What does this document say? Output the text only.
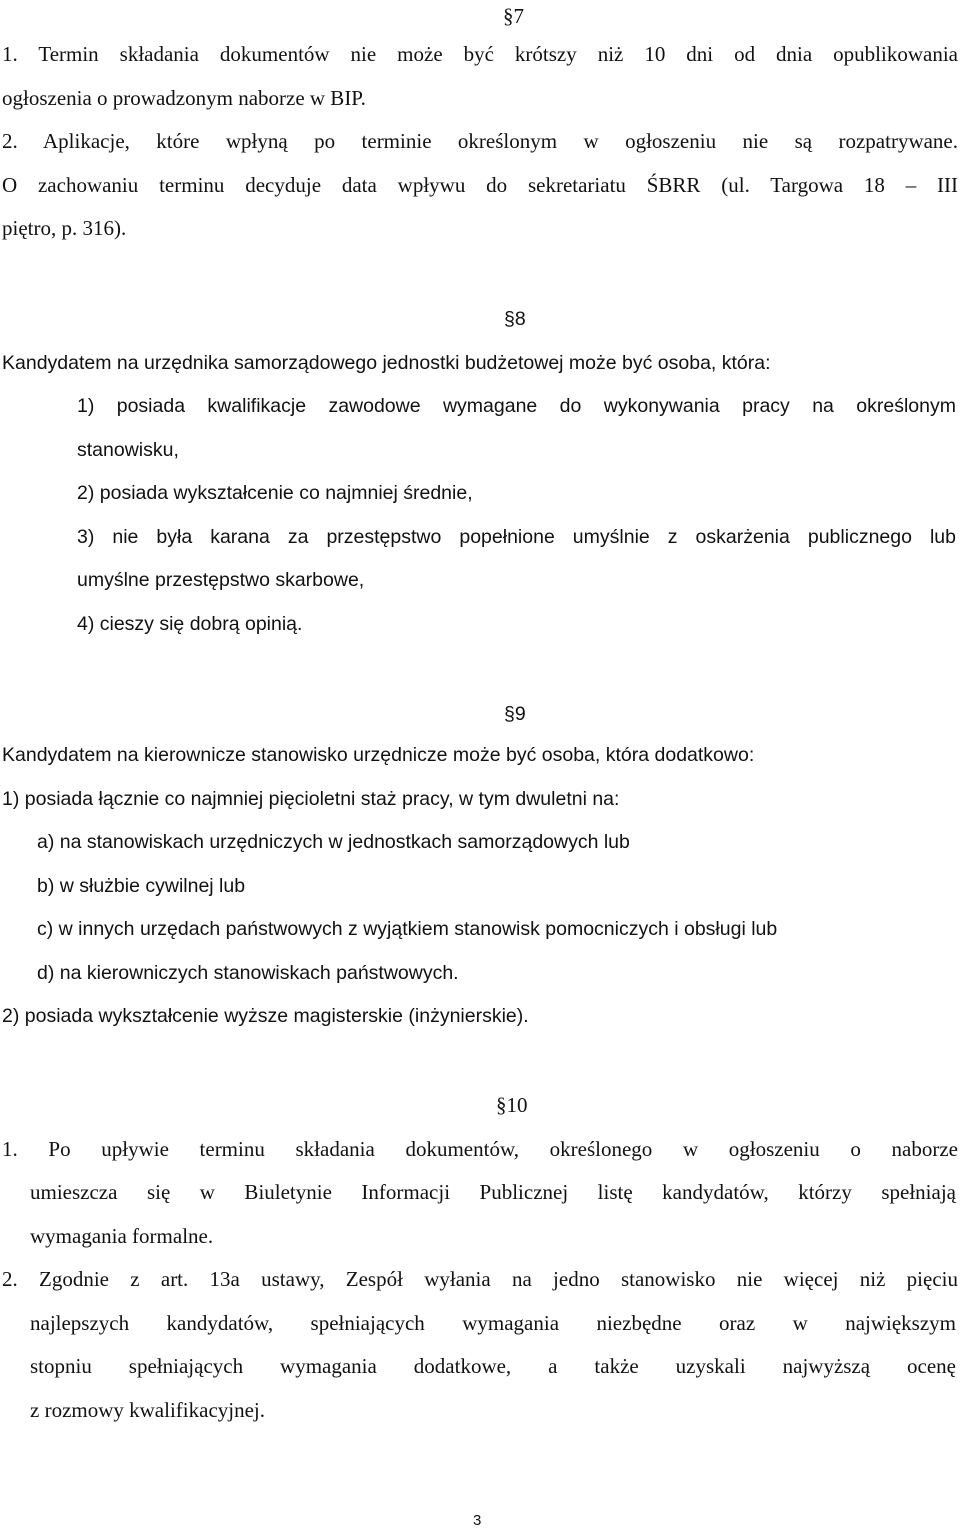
§7
1. Termin składania dokumentów nie może być krótszy niż 10 dni od dnia opublikowania
ogłoszenia o prowadzonym naborze w BIP.
2. Aplikacje, które wpłyną po terminie określonym w ogłoszeniu nie są rozpatrywane.
O zachowaniu terminu decyduje data wpływu do sekretariatu ŚBRR (ul. Targowa 18 – III
piętro, p. 316).
§8
Kandydatem na urzędnika samorządowego jednostki budżetowej może być osoba, która:
1) posiada kwalifikacje zawodowe wymagane do wykonywania pracy na określonym
stanowisku,
2) posiada wykształcenie co najmniej średnie,
3) nie była karana za przestępstwo popełnione umyślnie z oskarżenia publicznego lub
umyślne przestępstwo skarbowe,
4) cieszy się dobrą opinią.
§9
Kandydatem na kierownicze stanowisko urzędnicze może być osoba, która dodatkowo:
1) posiada łącznie co najmniej pięcioletni staż pracy, w tym dwuletni na:
a) na stanowiskach urzędniczych w jednostkach samorządowych lub
b) w służbie cywilnej lub
c) w innych urzędach państwowych z wyjątkiem stanowisk pomocniczych i obsługi lub
d) na kierowniczych stanowiskach państwowych.
2) posiada wykształcenie wyższe magisterskie (inżynierskie).
§10
1. Po upływie terminu składania dokumentów, określonego w ogłoszeniu o naborze
umieszcza się w Biuletynie Informacji Publicznej listę kandydatów, którzy spełniają
wymagania formalne.
2. Zgodnie z art. 13a ustawy, Zespół wyłania na jedno stanowisko nie więcej niż pięciu
najlepszych kandydatów, spełniających wymagania niezbędne oraz w największym
stopniu spełniających wymagania dodatkowe, a także uzyskali najwyższą ocenę
z rozmowy kwalifikacyjnej.
3
